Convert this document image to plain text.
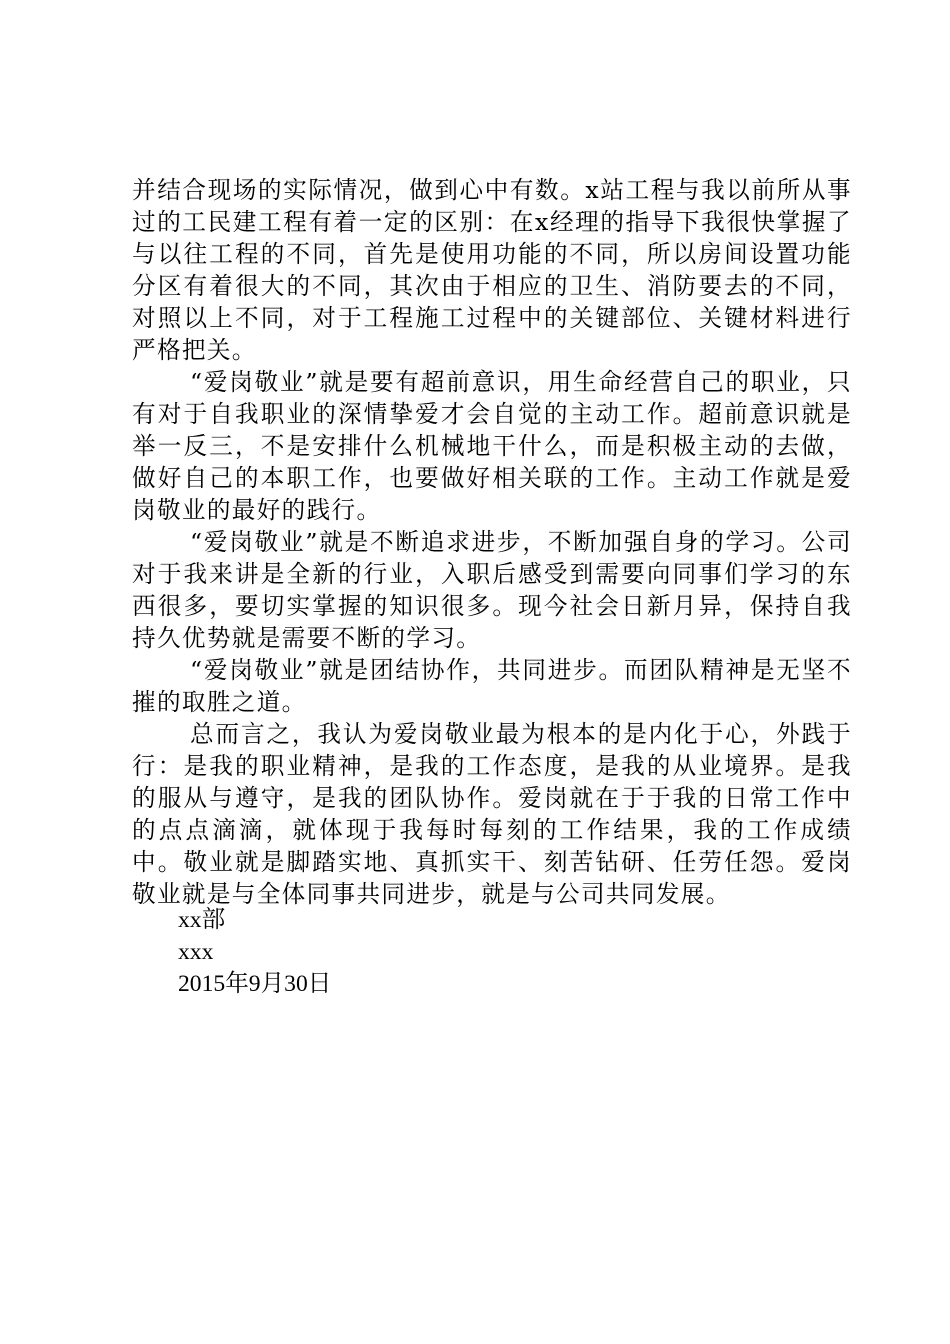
并结合现场的实际情况，做到心中有数。x站工程与我以前所从事过的工民建工程有着一定的区别：在x经理的指导下我很快掌握了与以往工程的不同，首先是使用功能的不同，所以房间设置功能分区有着很大的不同，其次由于相应的卫生、消防要去的不同，对照以上不同，对于工程施工过程中的关键部位、关键材料进行严格把关。

“爱岗敬业”就是要有超前意识，用生命经营自己的职业，只有对于自我职业的深情挚爱才会自觉的主动工作。超前意识就是举一反三，不是安排什么机械地干什么，而是积极主动的去做，做好自己的本职工作，也要做好相关联的工作。主动工作就是爱岗敬业的最好的践行。

“爱岗敬业”就是不断追求进步，不断加强自身的学习。公司对于我来讲是全新的行业，入职后感受到需要向同事们学习的东西很多，要切实掌握的知识很多。现今社会日新月异，保持自我持久优势就是需要不断的学习。

“爱岗敬业”就是团结协作，共同进步。而团队精神是无坚不摧的取胜之道。

总而言之，我认为爱岗敬业最为根本的是内化于心，外践于行：是我的职业精神，是我的工作态度，是我的从业境界。是我的服从与遵守，是我的团队协作。爱岗就在于于我的日常工作中的点点滴滴，就体现于我每时每刻的工作结果，我的工作成绩中。敬业就是脚踏实地、真抓实干、刻苦钻研、任劳任怨。爱岗敬业就是与全体同事共同进步，就是与公司共同发展。

xx部
xxx
2015年9月30日
